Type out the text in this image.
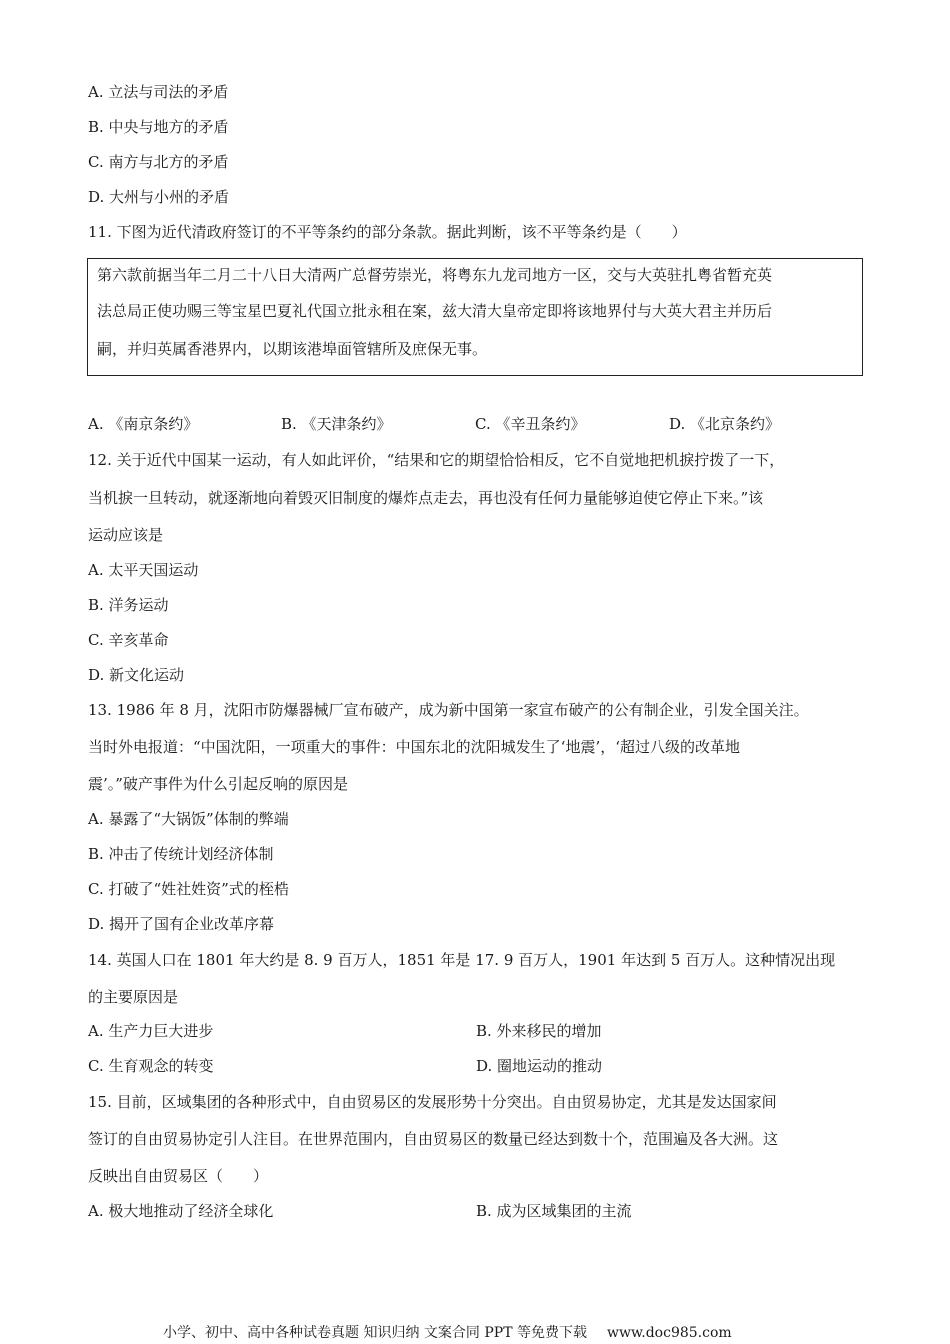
A. 立法与司法的矛盾
B. 中央与地方的矛盾
C. 南方与北方的矛盾
D. 大州与小州的矛盾
11. 下图为近代清政府签订的不平等条约的部分条款。据此判断，该不平等条约是（　　）
第六款前据当年二月二十八日大清两广总督劳崇光，将粤东九龙司地方一区，交与大英驻扎粤省暂充英
法总局正使功赐三等宝星巴夏礼代国立批永租在案，兹大清大皇帝定即将该地界付与大英大君主并历后
嗣，并归英属香港界内，以期该港埠面管辖所及庶保无事。
A. 《南京条约》	B. 《天津条约》	C. 《辛丑条约》	D. 《北京条约》
12. 关于近代中国某一运动，有人如此评价，“结果和它的期望恰恰相反，它不自觉地把机捩拧拨了一下，
当机捩一旦转动，就逐渐地向着毁灭旧制度的爆炸点走去，再也没有任何力量能够迫使它停止下来。”该
运动应该是
A. 太平天国运动
B. 洋务运动
C. 辛亥革命
D. 新文化运动
13. 1986 年 8 月，沈阳市防爆器械厂宣布破产，成为新中国第一家宣布破产的公有制企业，引发全国关注。
当时外电报道：“中国沈阳，一项重大的事件：中国东北的沈阳城发生了‘地震’，‘超过八级的改革地
震’。”破产事件为什么引起反响的原因是
A. 暴露了“大锅饭”体制的弊端
B. 冲击了传统计划经济体制
C. 打破了“姓社姓资”式的桎梏
D. 揭开了国有企业改革序幕
14. 英国人口在 1801 年大约是 8. 9 百万人，1851 年是 17. 9 百万人，1901 年达到 5 百万人。这种情况出现
的主要原因是
A. 生产力巨大进步	B. 外来移民的增加
C. 生育观念的转变	D. 圈地运动的推动
15. 目前，区域集团的各种形式中，自由贸易区的发展形势十分突出。自由贸易协定，尤其是发达国家间
签订的自由贸易协定引人注目。在世界范围内，自由贸易区的数量已经达到数十个，范围遍及各大洲。这
反映出自由贸易区（　　）
A. 极大地推动了经济全球化	B. 成为区域集团的主流
小学、初中、高中各种试卷真题 知识归纳 文案合同 PPT 等免费下载 www.doc985.com
